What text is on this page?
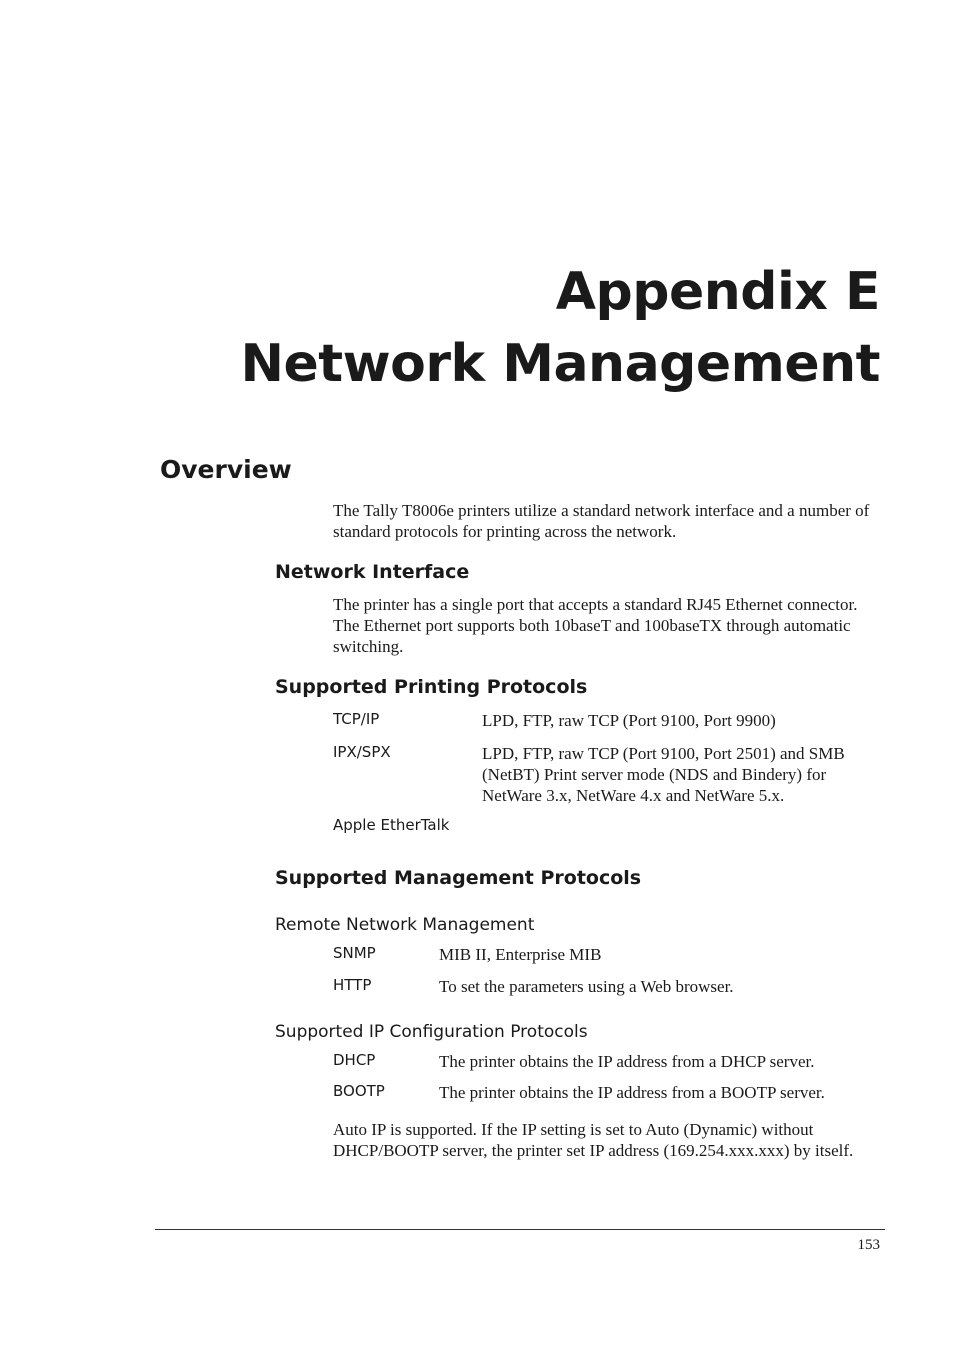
Appendix E
Network Management
Overview
The Tally T8006e printers utilize a standard network interface and a number of standard protocols for printing across the network.
Network Interface
The printer has a single port that accepts a standard RJ45 Ethernet connector. The Ethernet port supports both 10baseT and 100baseTX through automatic switching.
Supported Printing Protocols
TCP/IP	LPD, FTP, raw TCP (Port 9100, Port 9900)
IPX/SPX	LPD, FTP, raw TCP (Port 9100, Port 2501) and SMB (NetBT) Print server mode (NDS and Bindery) for NetWare 3.x, NetWare 4.x and NetWare 5.x.
Apple EtherTalk
Supported Management Protocols
Remote Network Management
SNMP	MIB II, Enterprise MIB
HTTP	To set the parameters using a Web browser.
Supported IP Configuration Protocols
DHCP	The printer obtains the IP address from a DHCP server.
BOOTP	The printer obtains the IP address from a BOOTP server.
Auto IP is supported. If the IP setting is set to Auto (Dynamic) without DHCP/BOOTP server, the printer set IP address (169.254.xxx.xxx) by itself.
153
